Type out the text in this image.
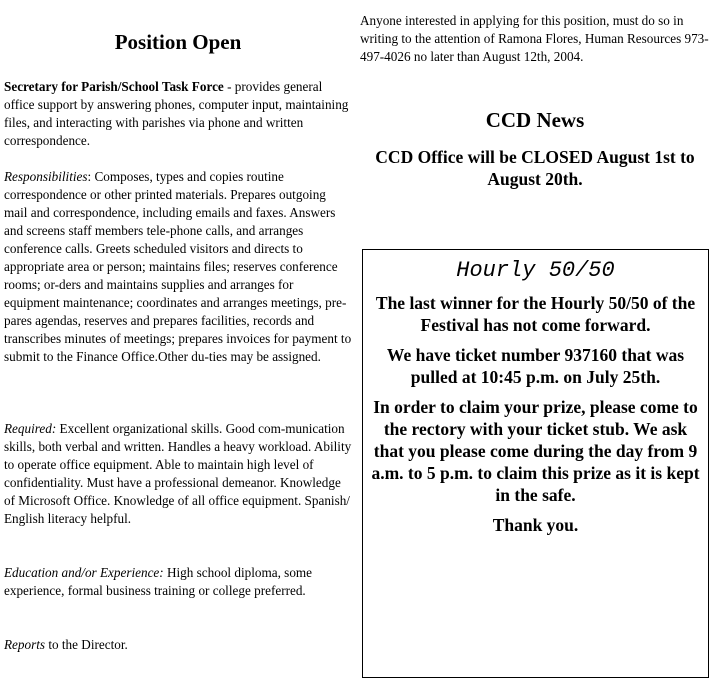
Position Open

Secretary for Parish/School Task Force - provides general office support by answering phones, computer input, maintaining files, and interacting with parishes via phone and written correspondence.

Responsibilities: Composes, types and copies routine correspondence or other printed materials. Prepares outgoing mail and correspondence, including emails and faxes. Answers and screens staff members tele-phone calls, and arranges conference calls. Greets scheduled visitors and directs to appropriate area or person; maintains files; reserves conference rooms; or-ders and maintains supplies and arranges for equipment maintenance; coordinates and arranges meetings, pre-pares agendas, reserves and prepares facilities, records and transcribes minutes of meetings; prepares invoices for payment to submit to the Finance Office.Other du-ties may be assigned.

Required: Excellent organizational skills. Good com-munication skills, both verbal and written. Handles a heavy workload. Ability to operate office equipment. Able to maintain high level of confidentiality. Must have a professional demeanor. Knowledge of Microsoft Office. Knowledge of all office equipment. Spanish/ English literacy helpful.

Education and/or Experience: High school diploma, some experience, formal business training or college preferred.

Reports to the Director.

Anyone interested in applying for this position, must do so in writing to the attention of Ramona Flores, Human Resources 973-497-4026 no later than August 12th, 2004.

CCD News
CCD Office will be CLOSED August 1st to August 20th.
Hourly 50/50

The last winner for the Hourly 50/50 of the Festival has not come forward.

We have ticket number 937160 that was pulled at 10:45 p.m. on July 25th.

In order to claim your prize, please come to the rectory with your ticket stub. We ask that you please come during the day from 9 a.m. to 5 p.m. to claim this prize as it is kept in the safe.

Thank you.
